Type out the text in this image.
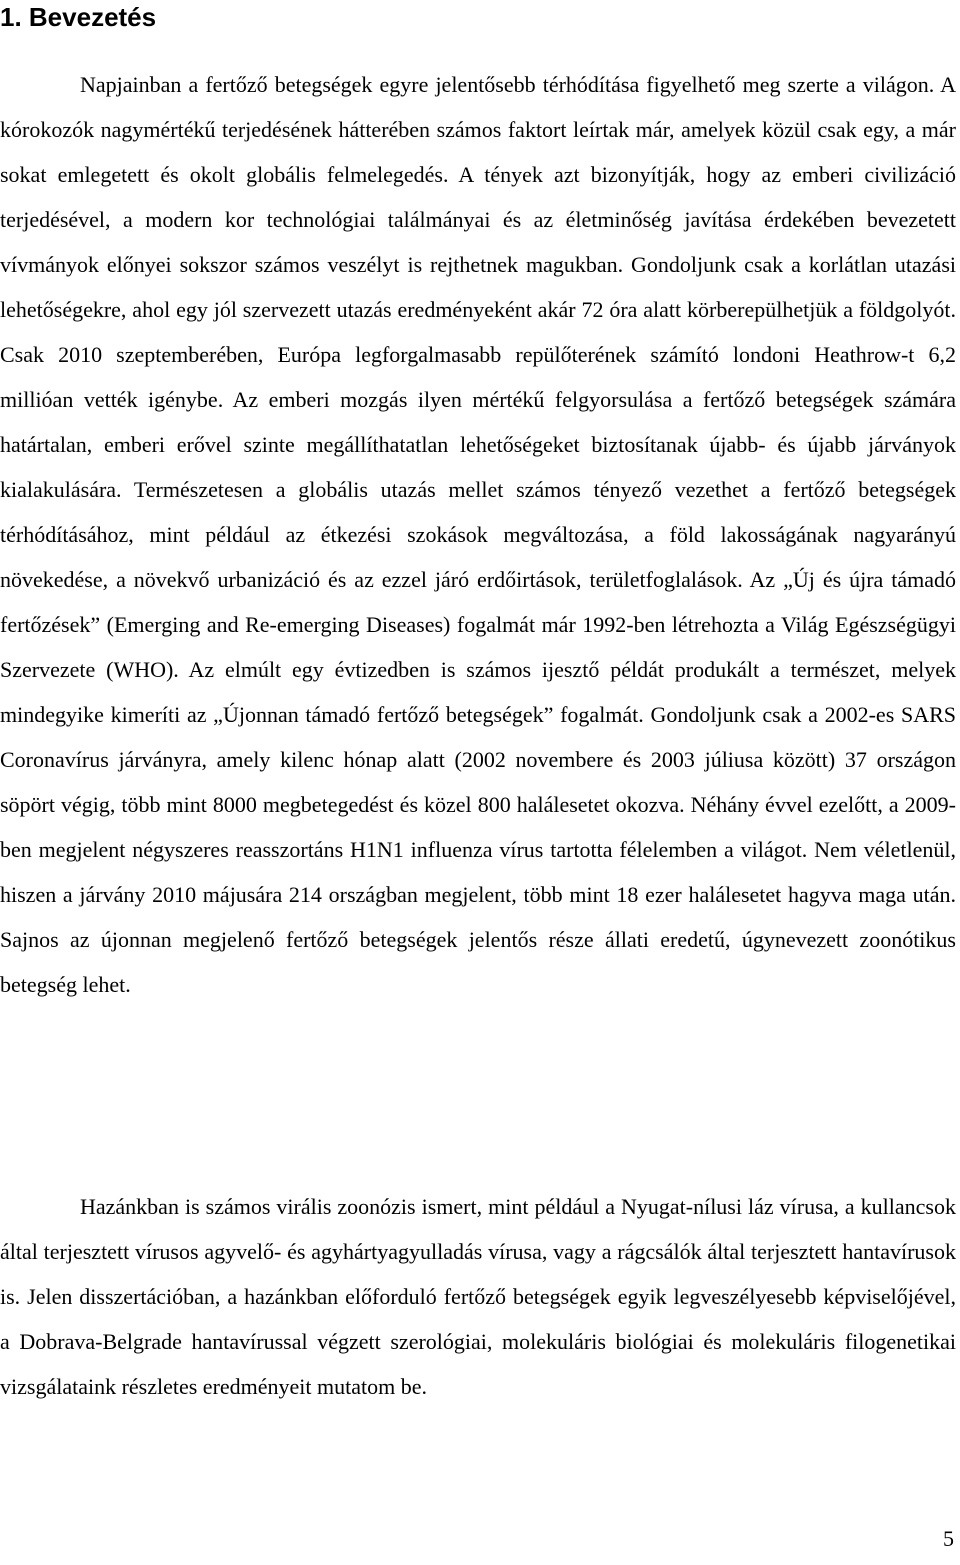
1. Bevezetés

Napjainban a fertőző betegségek egyre jelentősebb térhódítása figyelhető meg szerte a világon. A kórokozók nagymértékű terjedésének hátterében számos faktort leírtak már, amelyek közül csak egy, a már sokat emlegetett és okolt globális felmelegedés. A tények azt bizonyítják, hogy az emberi civilizáció terjedésével, a modern kor technológiai találmányai és az életminőség javítása érdekében bevezetett vívmányok előnyei sokszor számos veszélyt is rejthetnek magukban. Gondoljunk csak a korlátlan utazási lehetőségekre, ahol egy jól szervezett utazás eredményeként akár 72 óra alatt körberepülhetjük a földgolyót. Csak 2010 szeptemberében, Európa legforgalmasabb repülőterének számító londoni Heathrow-t 6,2 millióan vették igénybe. Az emberi mozgás ilyen mértékű felgyorsulása a fertőző betegségek számára határtalan, emberi erővel szinte megállíthatatlan lehetőségeket biztosítanak újabb- és újabb járványok kialakulására. Természetesen a globális utazás mellet számos tényező vezethet a fertőző betegségek térhódításához, mint például az étkezési szokások megváltozása, a föld lakosságának nagyarányú növekedése, a növekvő urbanizáció és az ezzel járó erdőirtások, területfoglalások. Az „Új és újra támadó fertőzések” (Emerging and Re-emerging Diseases) fogalmát már 1992-ben létrehozta a Világ Egészségügyi Szervezete (WHO). Az elmúlt egy évtizedben is számos ijesztő példát produkált a természet, melyek mindegyike kimeríti az „Újonnan támadó fertőző betegségek” fogalmát. Gondoljunk csak a 2002-es SARS Coronavírus járványra, amely kilenc hónap alatt (2002 novembere és 2003 júliusa között) 37 országon söpört végig, több mint 8000 megbetegedést és közel 800 halálesetet okozva. Néhány évvel ezelőtt, a 2009-ben megjelent négyszeres reasszortáns H1N1 influenza vírus tartotta félelemben a világot. Nem véletlenül, hiszen a járvány 2010 májusára 214 országban megjelent, több mint 18 ezer halálesetet hagyva maga után. Sajnos az újonnan megjelenő fertőző betegségek jelentős része állati eredetű, úgynevezett zoonótikus betegség lehet.

Hazánkban is számos virális zoonózis ismert, mint például a Nyugat-nílusi láz vírusa, a kullancsok által terjesztett vírusos agyvelő- és agyhártyagyulladás vírusa, vagy a rágcsálók által terjesztett hantavírusok is. Jelen disszertációban, a hazánkban előforduló fertőző betegségek egyik legveszélyesebb képviselőjével, a Dobrava-Belgrade hantavírussal végzett szerológiai, molekuláris biológiai és molekuláris filogenetikai vizsgálataink részletes eredményeit mutatom be.

5
